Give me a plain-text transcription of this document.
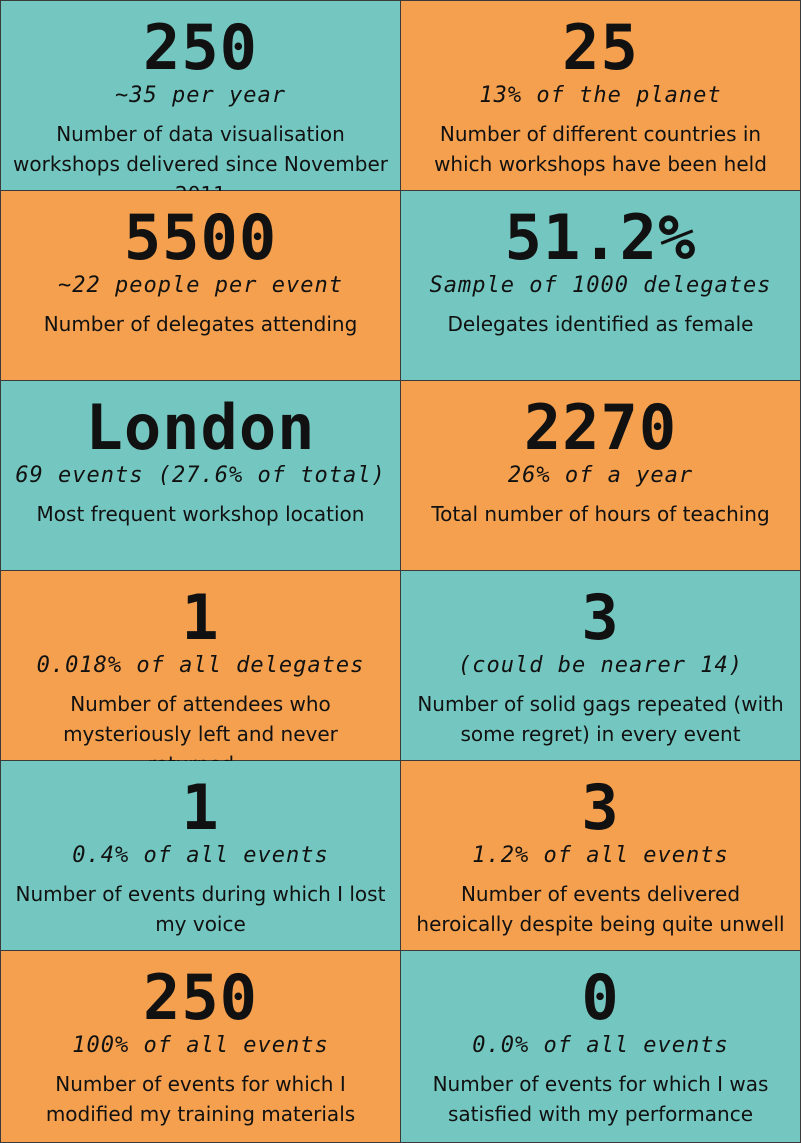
250
~35 per year
Number of data visualisation workshops delivered since November
25
13% of the planet
Number of different countries in which workshops have been held
5500
~22 people per event
Number of delegates attending
51.2%
Sample of 1000 delegates
Delegates identified as female
London
69 events (27.6% of total)
Most frequent workshop location
2270
26% of a year
Total number of hours of teaching
1
0.018% of all delegates
Number of attendees who mysteriously left and never
3
(could be nearer 14)
Number of solid gags repeated (with some regret) in every event
1
0.4% of all events
Number of events during which I lost my voice
3
1.2% of all events
Number of events delivered heroically despite being quite unwell
250
100% of all events
Number of events for which I modified my training materials
0
0.0% of all events
Number of events for which I was satisfied with my performance
